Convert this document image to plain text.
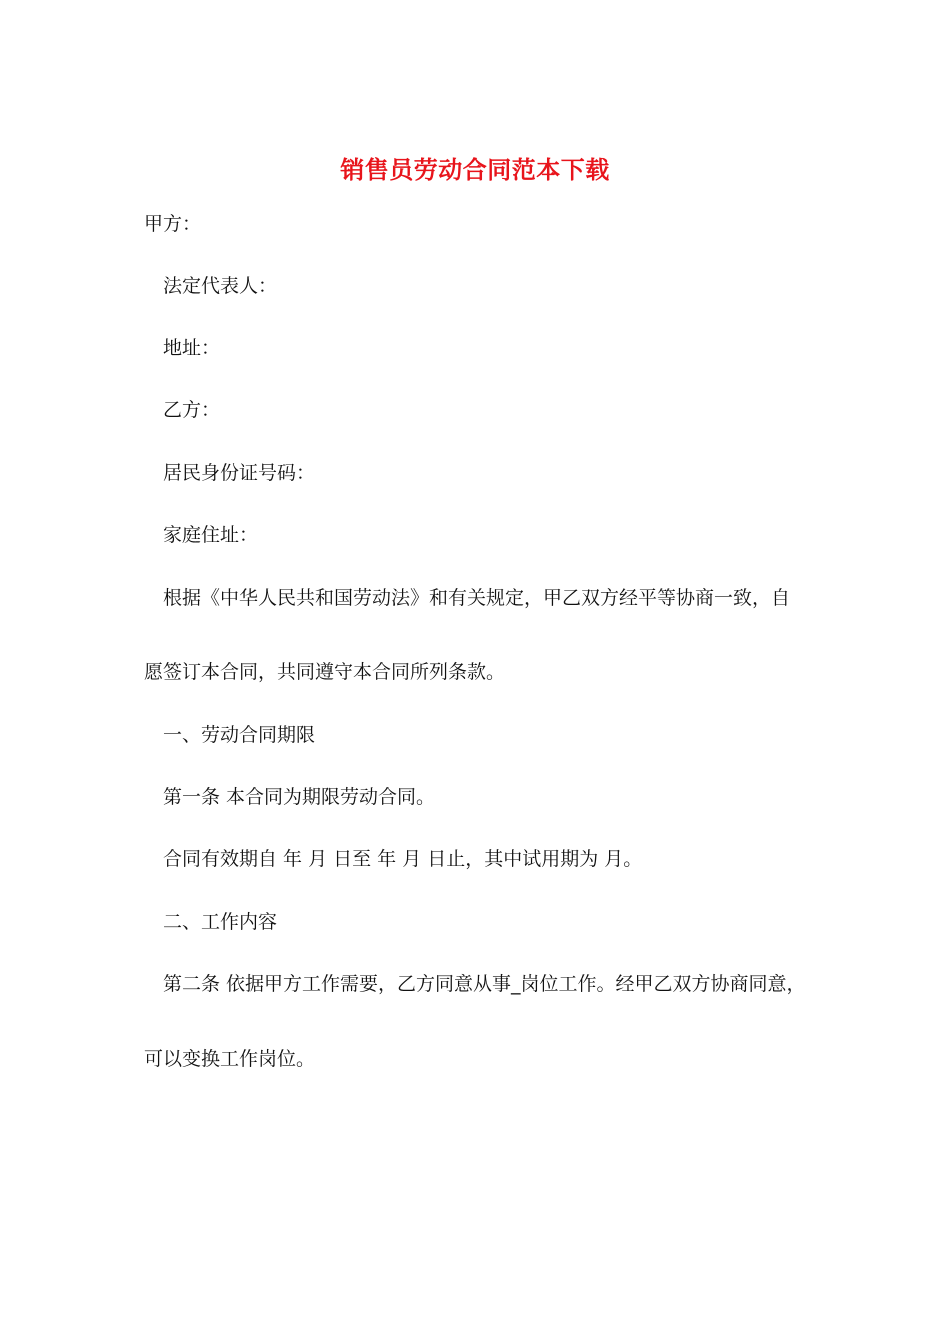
销售员劳动合同范本下载
甲方：
法定代表人：
地址：
乙方：
居民身份证号码：
家庭住址：
根据《中华人民共和国劳动法》和有关规定，甲乙双方经平等协商一致，自
愿签订本合同，共同遵守本合同所列条款。
一、劳动合同期限
第一条 本合同为期限劳动合同。
合同有效期自 年 月 日至 年 月 日止，其中试用期为 月。
二、工作内容
第二条 依据甲方工作需要，乙方同意从事_岗位工作。经甲乙双方协商同意，
可以变换工作岗位。
